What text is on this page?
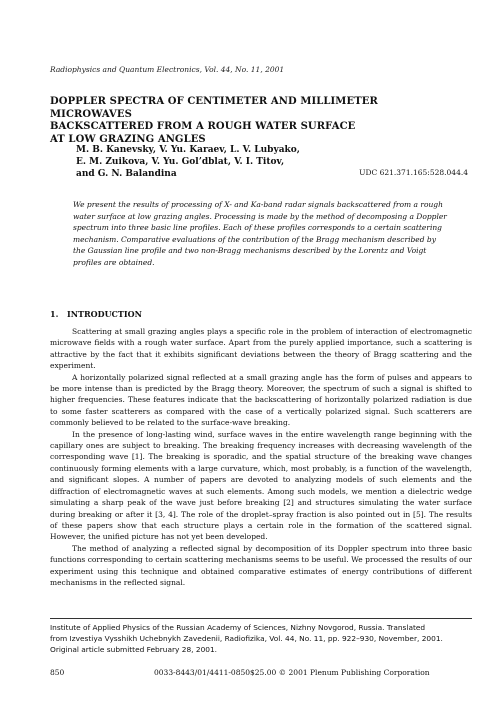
Radiophysics and Quantum Electronics, Vol. 44, No. 11, 2001
DOPPLER SPECTRA OF CENTIMETER AND MILLIMETER MICROWAVES
BACKSCATTERED FROM A ROUGH WATER SURFACE
AT LOW GRAZING ANGLES
M. B. Kanevsky, V. Yu. Karaev, L. V. Lubyako,
E. M. Zuikova, V. Yu. Gol’dblat, V. I. Titov,
and G. N. Balandina	UDC 621.371.165:528.044.4
We present the results of processing of X- and Ka-band radar signals backscattered from a rough
water surface at low grazing angles. Processing is made by the method of decomposing a Doppler
spectrum into three basic line profiles. Each of these profiles corresponds to a certain scattering
mechanism. Comparative evaluations of the contribution of the Bragg mechanism described by
the Gaussian line profile and two non-Bragg mechanisms described by the Lorentz and Voigt
profiles are obtained.
1. INTRODUCTION

Scattering at small grazing angles plays a specific role in the problem of interaction of electromagnetic microwave fields with a rough water surface. Apart from the purely applied importance, such a scattering is attractive by the fact that it exhibits significant deviations between the theory of Bragg scattering and the experiment.

A horizontally polarized signal reflected at a small grazing angle has the form of pulses and appears to be more intense than is predicted by the Bragg theory. Moreover, the spectrum of such a signal is shifted to higher frequencies. These features indicate that the backscattering of horizontally polarized radiation is due to some faster scatterers as compared with the case of a vertically polarized signal. Such scatterers are commonly believed to be related to the surface-wave breaking.

In the presence of long-lasting wind, surface waves in the entire wavelength range beginning with the capillary ones are subject to breaking. The breaking frequency increases with decreasing wavelength of the corresponding wave [1]. The breaking is sporadic, and the spatial structure of the breaking wave changes continuously forming elements with a large curvature, which, most probably, is a function of the wavelength, and significant slopes. A number of papers are devoted to analyzing models of such elements and the diffraction of electromagnetic waves at such elements. Among such models, we mention a dielectric wedge simulating a sharp peak of the wave just before breaking [2] and structures simulating the water surface during breaking or after it [3, 4]. The role of the droplet–spray fraction is also pointed out in [5]. The results of these papers show that each structure plays a certain role in the formation of the scattered signal. However, the unified picture has not yet been developed.

The method of analyzing a reflected signal by decomposition of its Doppler spectrum into three basic functions corresponding to certain scattering mechanisms seems to be useful. We processed the results of our experiment using this technique and obtained comparative estimates of energy contributions of different mechanisms in the reflected signal.

Institute of Applied Physics of the Russian Academy of Sciences, Nizhny Novgorod, Russia. Translated
from Izvestiya Vysshikh Uchebnykh Zavedenii, Radiofizika, Vol. 44, No. 11, pp. 922–930, November, 2001.
Original article submitted February 28, 2001.
850	0033-8443/01/4411-0850$25.00 © 2001 Plenum Publishing Corporation
